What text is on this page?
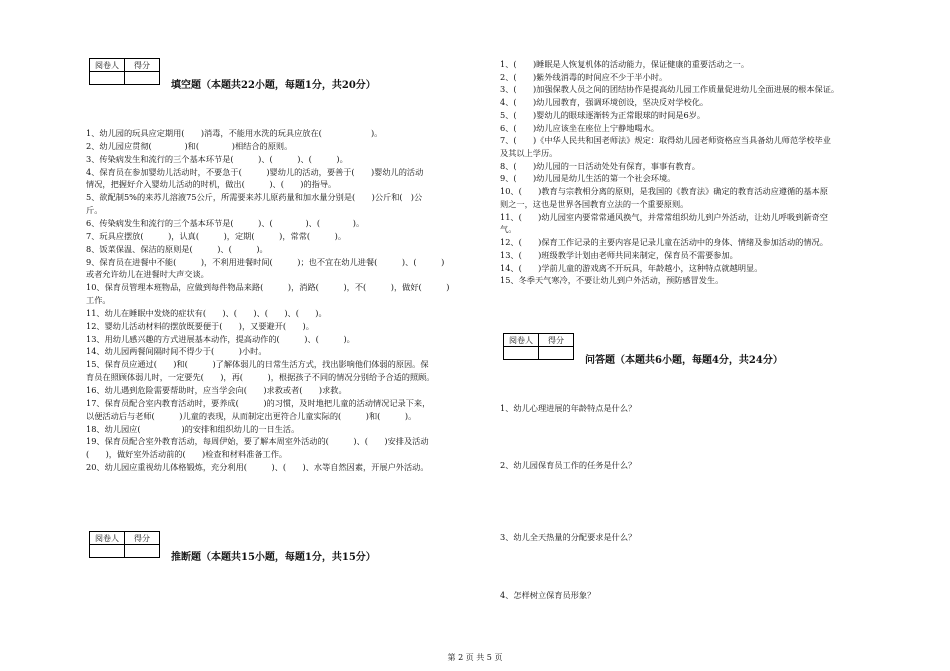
阅卷人	得分

填空题（本题共22小题，每题1分，共20分）
1、幼儿园的玩具应定期用(　　)消毒，不能用水洗的玩具应放在(　　　　　　)。
2、幼儿园应贯彻(　　　　)和(　　　　)相结合的原则。
3、传染病发生和流行的三个基本环节是(　　　)、(　　　)、(　　　)。
4、保育员在参加婴幼儿活动时，不要急于(　　　)婴幼儿的活动，要善于(　　)婴幼儿的活动
情况，把握好介入婴幼儿活动的时机，做出(　　　)、(　　)的指导。
5、欲配制5%的来苏儿溶液75公斤，所需要来苏儿原药量和加水量分别是(　　)公斤和(　)公
斤。
6、传染病发生和流行的三个基本环节是(　　　)、(　　　　)、(　　　　)。
7、玩具应摆放(　　　)，认真(　　　)，定期(　　　)，常常(　　　)。
8、饭菜保温、保洁的原则是(　　　)、(　　　)。
9、保育员在进餐中不能(　　　)，不利用进餐时间(　　　)；也不宜在幼儿进餐(　　　)、(　　　)
或者允许幼儿在进餐时大声交谈。
10、保育员管理本班物品，应做到每件物品来路(　　　)，消路(　　　)，不(　　　)，做好(　　　)
工作。
11、幼儿在睡眠中发烧的症状有(　　)、(　　)、(　　)、(　　)。
12、婴幼儿活动材料的摆放既要便于(　　)，又要避开(　　)。
13、用幼儿感兴趣的方式进展基本动作，提高动作的(　　　)、(　　　)。
14、幼儿园两餐间隔时间不得少于(　　　)小时。
15、保育员应通过(　　)和(　　　)了解体弱儿的日常生活方式，找出影响他们体弱的原因。保
育员在照顾体弱儿时，一定要先(　　)，再(　　　)，根据孩子不同的情况分别给予合适的照顾。
16、幼儿遇到危险需要帮助时，应当学会向(　　)求救或者(　　)求救。
17、保育员配合室内教育活动时，要养成(　　　)的习惯，及时地把儿童的活动情况记录下来，
以便活动后与老师(　　　)儿童的表现，从而制定出更符合儿童实际的(　　　)和(　　　)。
18、幼儿园应(　　　　　)的安排和组织幼儿的一日生活。
19、保育员配合室外教育活动，每周伊始，要了解本周室外活动的(　　　)、(　　)安排及活动
(　　)，做好室外活动前的(　　)检查和材料准备工作。
20、幼儿园应重视幼儿体格锻炼，充分利用(　　　)、(　　)、水等自然因素，开展户外活动。
阅卷人	得分

推断题（本题共15小题，每题1分，共15分）
1、(　　)睡眠是人恢复机体的活动能力，保证健康的重要活动之一。
2、(　　)紫外线消毒的时间应不少于半小时。
3、(　　)加强保教人员之间的团结协作是提高幼儿园工作质量促进幼儿全面进展的根本保证。
4、(　　)幼儿园教育，强调环境创设，坚决反对学校化。
5、(　　)婴幼儿的眼球逐渐转为正常眼球的时间是6岁。
6、(　　)幼儿应该坐在座位上宁静地喝水。
7、(　　)《中华人民共和国老师法》规定：取得幼儿园老师资格应当具备幼儿师范学校毕业
及其以上学历。
8、(　　)幼儿园的一日活动处处有保育，事事有教育。
9、(　　)幼儿园是幼儿生活的第一个社会环境。
10、(　　)教育与宗教相分离的原则，是我国的《教育法》确定的教育活动应遵循的基本原
则之一，这也是世界各国教育立法的一个重要原则。
11、(　　)幼儿园室内要常常通风换气，并常常组织幼儿到户外活动，让幼儿呼吸到新奇空
气。
12、(　　)保育工作记录的主要内容是记录儿童在活动中的身体、情绪及参加活动的情况。
13、(　　)班级教学计划由老师共同来制定，保育员不需要参加。
14、(　　)学前儿童的游戏离不开玩具，年龄越小，这种特点就越明显。
15、冬季天气寒冷，不要让幼儿到户外活动，预防感冒发生。
阅卷人	得分

问答题（本题共6小题，每题4分，共24分）
1、幼儿心理进展的年龄特点是什么？
2、幼儿园保育员工作的任务是什么？
3、幼儿全天热量的分配要求是什么？
4、怎样树立保育员形象？
第 2 页 共 5 页
